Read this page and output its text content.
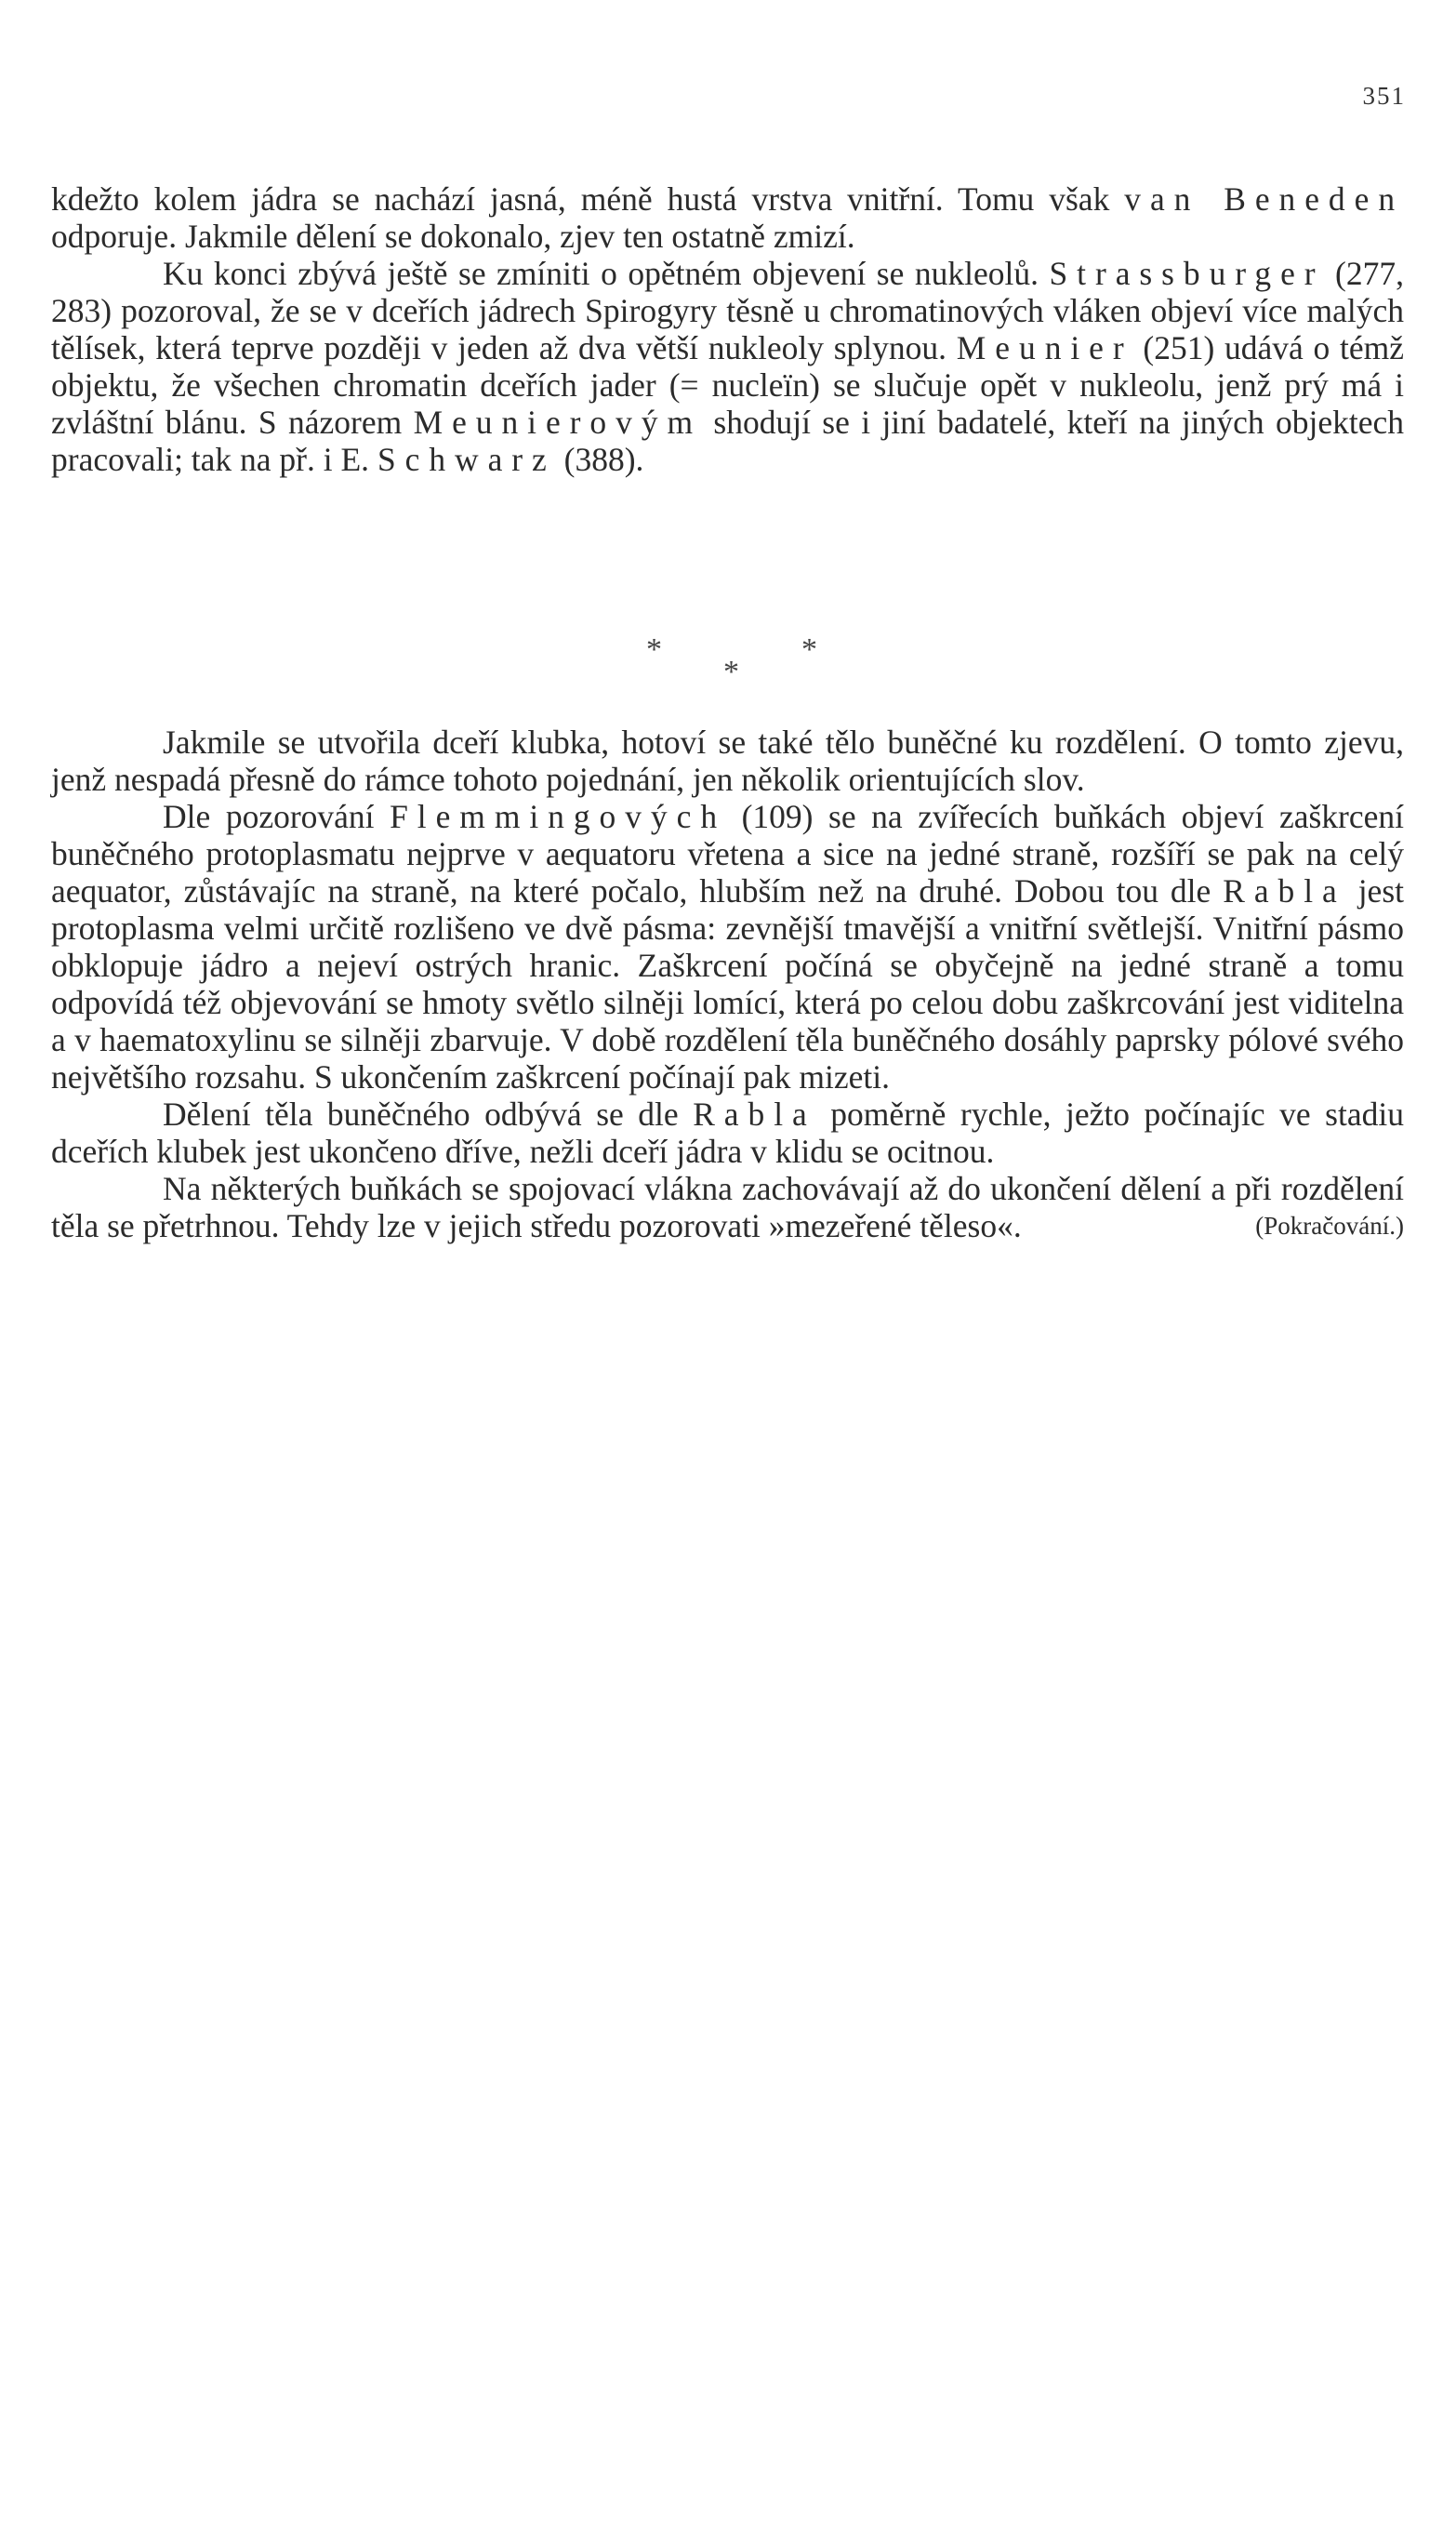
351

kdežto kolem jádra se nachází jasná, méně hustá vrstva vnitřní. Tomu však van Beneden odporuje. Jakmile dělení se dokonalo, zjev ten ostatně zmizí.

Ku konci zbývá ještě se zmíniti o opětném objevení se nukleolů. Strassburger (277, 283) pozoroval, že se v dceřích jádrech Spirogyry těsně u chromatinových vláken objeví více malých tělísek, která teprve později v jeden až dva větší nukleoly splynou. Meunier (251) udává o témž objektu, že všechen chromatin dceřích jader (= nucleïn) se slučuje opět v nukleolu, jenž prý má i zvláštní blánu. S názorem Meunierovým shodují se i jiní badatelé, kteří na jiných objektech pracovali; tak na př. i E. Schwarz (388).

*
*
*

Jakmile se utvořila dceří klubka, hotoví se také tělo buněčné ku rozdělení. O tomto zjevu, jenž nespadá přesně do rámce tohoto pojednání, jen několik orientujících slov.

Dle pozorování Flemmingových (109) se na zvířecích buňkách objeví zaškrcení buněčného protoplasmatu nejprve v aequatoru vřetena a sice na jedné straně, rozšíří se pak na celý aequator, zůstávajíc na straně, na které počalo, hlubším než na druhé. Dobou tou dle Rabla jest protoplasma velmi určitě rozlišeno ve dvě pásma: zevnější tmavější a vnitřní světlejší. Vnitřní pásmo obklopuje jádro a nejeví ostrých hranic. Zaškrcení počíná se obyčejně na jedné straně a tomu odpovídá též objevování se hmoty světlo silněji lomící, která po celou dobu zaškrcování jest viditelna a v haematoxylinu se silněji zbarvuje. V době rozdělení těla buněčného dosáhly paprsky pólové svého největšího rozsahu. S ukončením zaškrcení počínají pak mizeti.

Dělení těla buněčného odbývá se dle Rabla poměrně rychle, ježto počínajíc ve stadiu dceřích klubek jest ukončeno dříve, nežli dceří jádra v klidu se ocitnou.

Na některých buňkách se spojovací vlákna zachovávají až do ukončení dělení a při rozdělení těla se přetrhnou. Tehdy lze v jejich středu pozorovati »mezeřené těleso«.	(Pokračování.)
